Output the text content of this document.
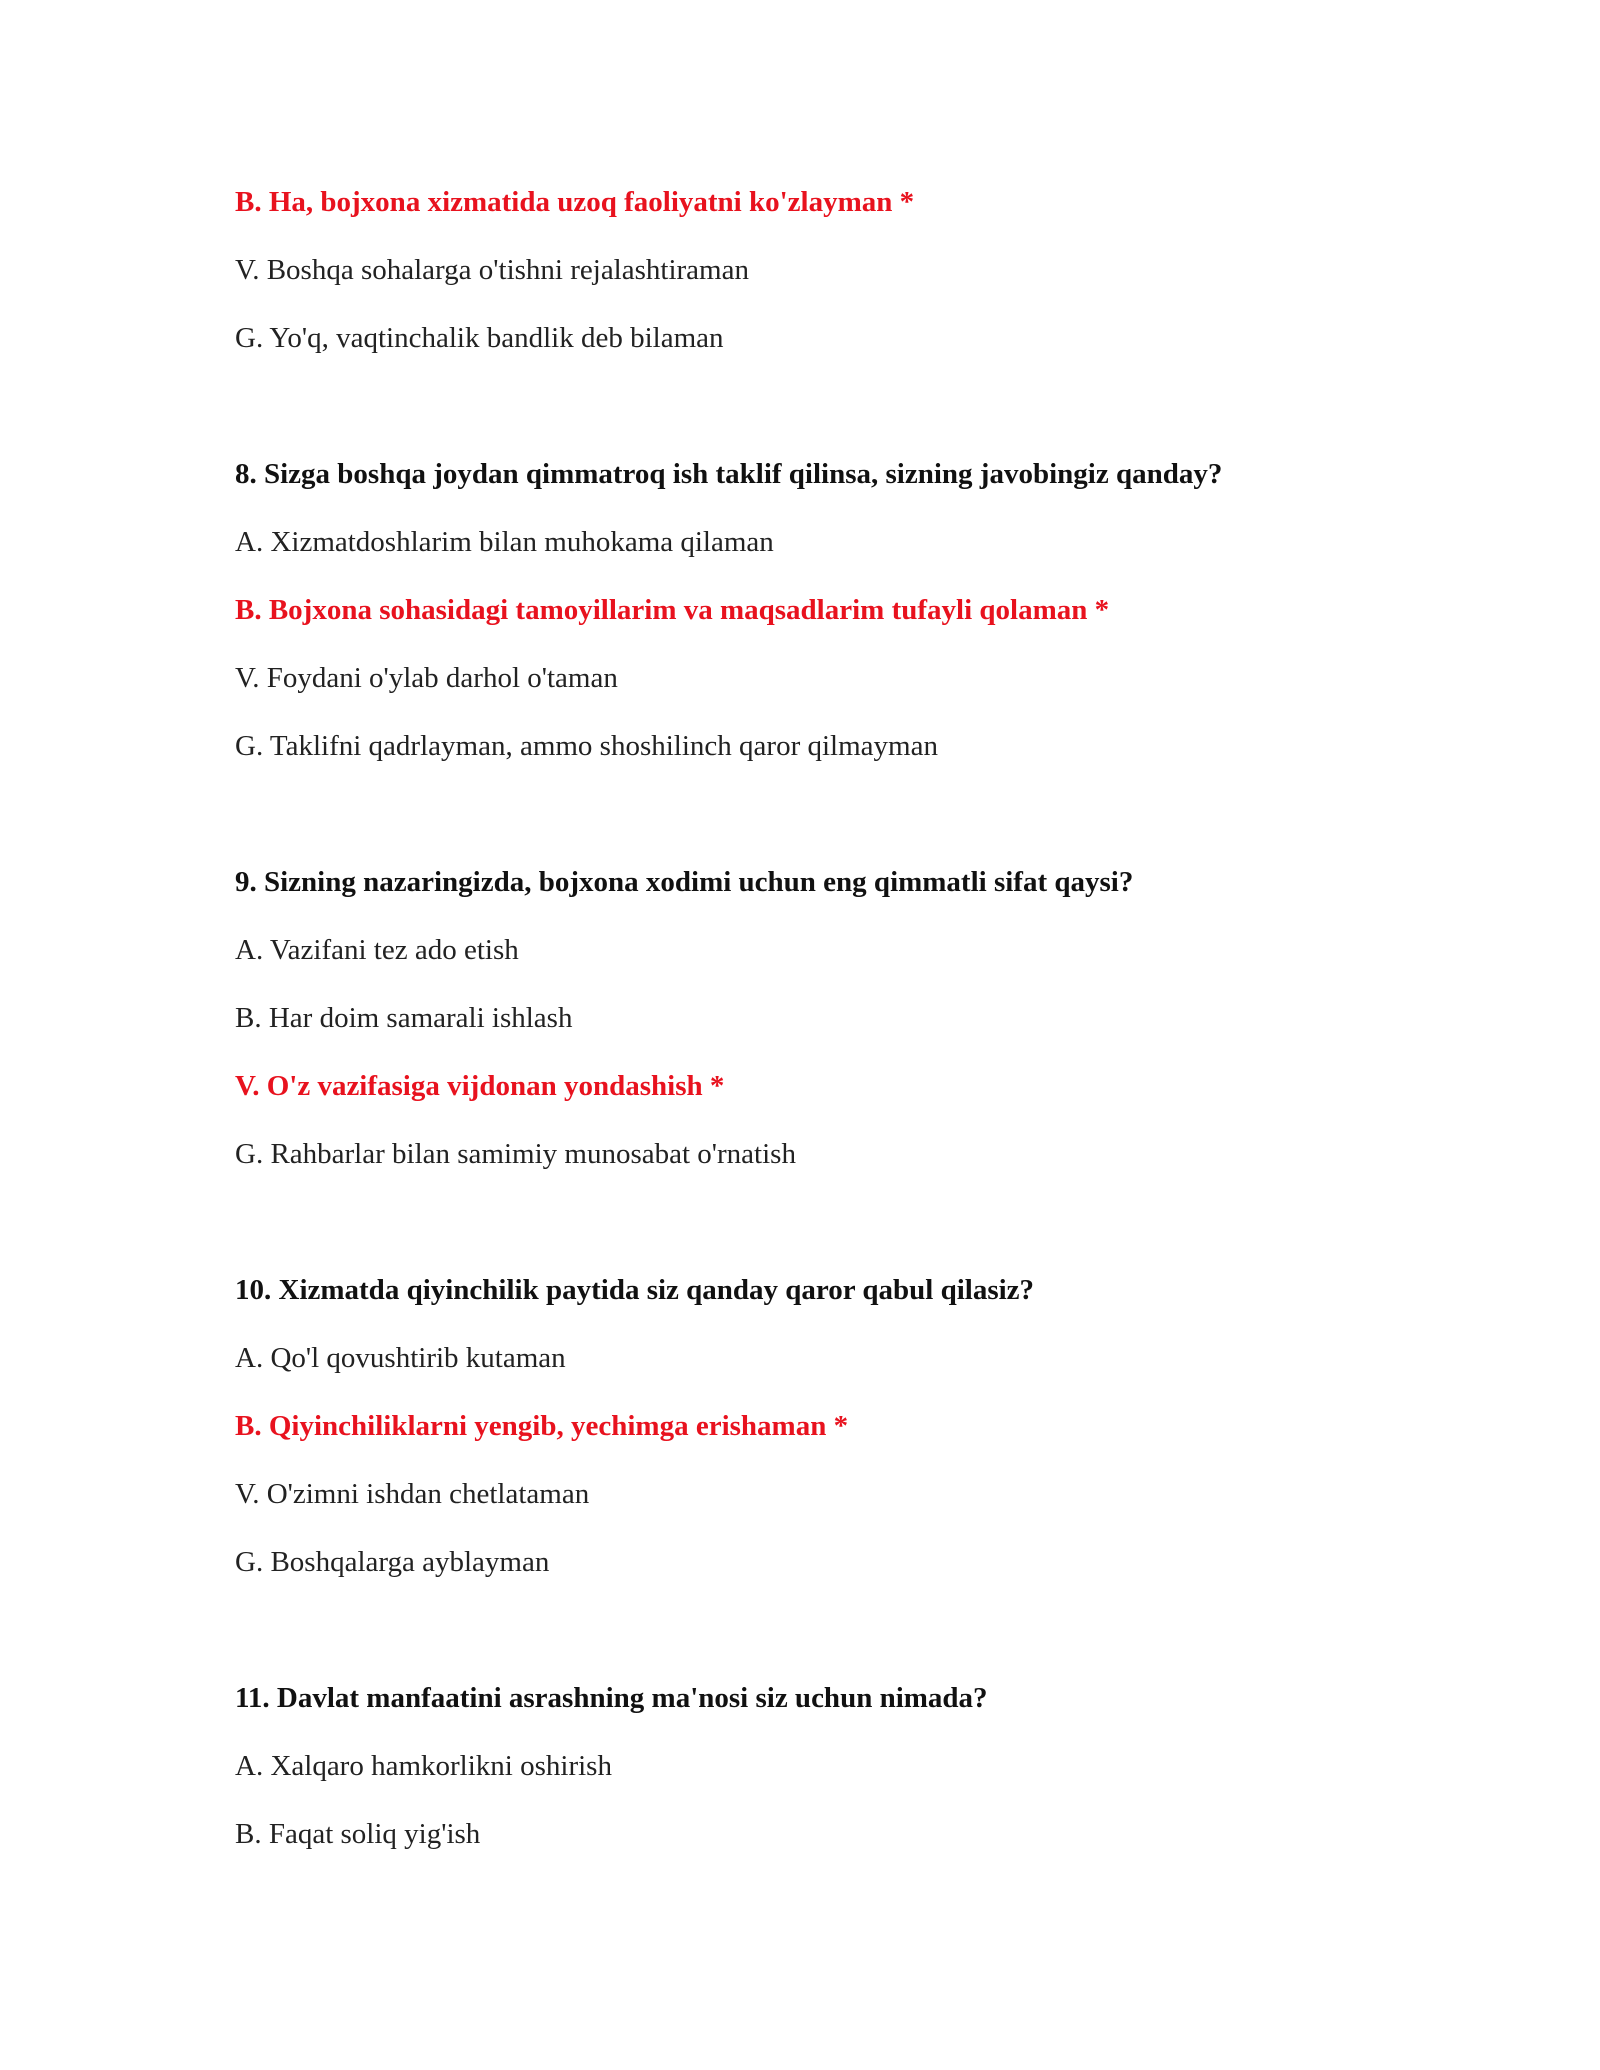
B. Ha, bojxona xizmatida uzoq faoliyatni ko'zlayman *
V. Boshqa sohalarga o'tishni rejalashtiraman
G. Yo'q, vaqtinchalik bandlik deb bilaman
8. Sizga boshqa joydan qimmatroq ish taklif qilinsa, sizning javobingiz qanday?
A. Xizmatdoshlarim bilan muhokama qilaman
B. Bojxona sohasidagi tamoyillarim va maqsadlarim tufayli qolaman *
V. Foydani o'ylab darhol o'taman
G. Taklifni qadrlayman, ammo shoshilinch qaror qilmayman
9. Sizning nazaringizda, bojxona xodimi uchun eng qimmatli sifat qaysi?
A. Vazifani tez ado etish
B. Har doim samarali ishlash
V. O'z vazifasiga vijdonan yondashish *
G. Rahbarlar bilan samimiy munosabat o'rnatish
10. Xizmatda qiyinchilik paytida siz qanday qaror qabul qilasiz?
A. Qo'l qovushtirib kutaman
B. Qiyinchiliklarni yengib, yechimga erishaman *
V. O'zimni ishdan chetlataman
G. Boshqalarga ayblayman
11. Davlat manfaatini asrashning ma'nosi siz uchun nimada?
A. Xalqaro hamkorlikni oshirish
B. Faqat soliq yig'ish
